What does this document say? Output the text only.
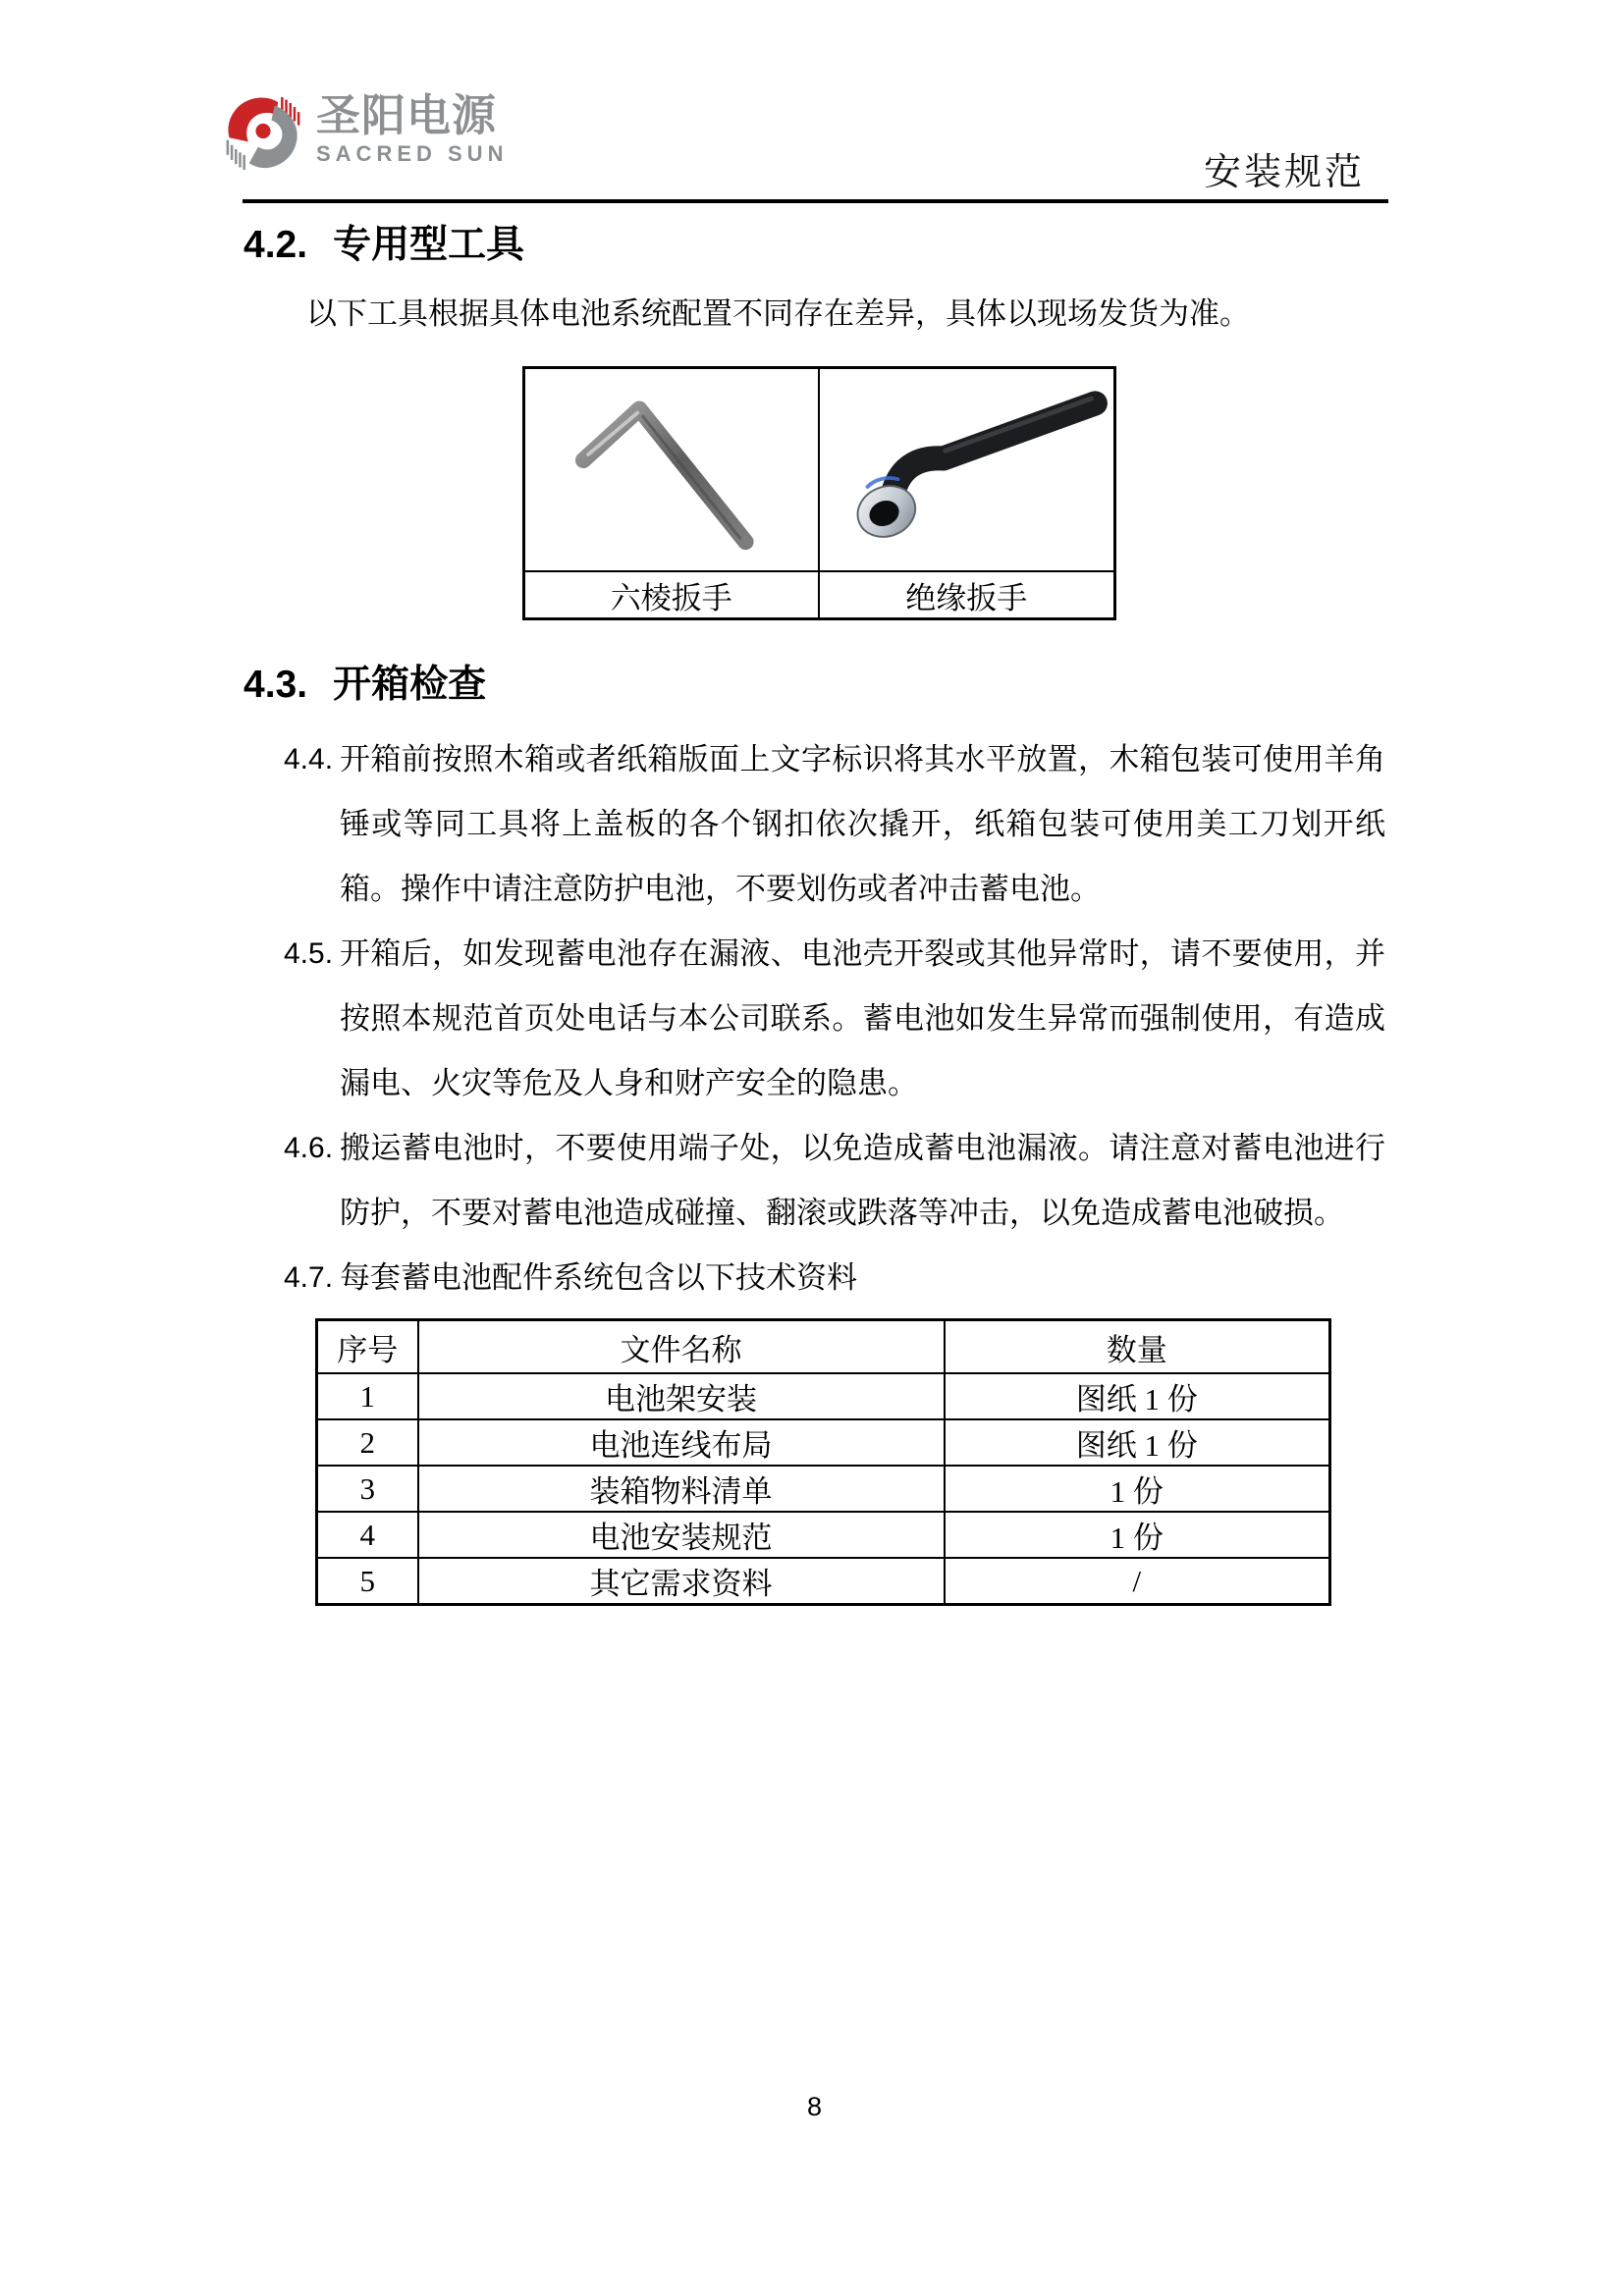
圣阳电源
SACRED SUN	安装规范
4.2. 专用型工具
以下工具根据具体电池系统配置不同存在差异，具体以现场发货为准。
六棱扳手	绝缘扳手
4.3. 开箱检查
4.4. 开箱前按照木箱或者纸箱版面上文字标识将其水平放置，木箱包装可使用羊角锤或等同工具将上盖板的各个钢扣依次撬开，纸箱包装可使用美工刀划开纸箱。操作中请注意防护电池，不要划伤或者冲击蓄电池。
4.5. 开箱后，如发现蓄电池存在漏液、电池壳开裂或其他异常时，请不要使用，并按照本规范首页处电话与本公司联系。蓄电池如发生异常而强制使用，有造成漏电、火灾等危及人身和财产安全的隐患。
4.6. 搬运蓄电池时，不要使用端子处，以免造成蓄电池漏液。请注意对蓄电池进行防护，不要对蓄电池造成碰撞、翻滚或跌落等冲击，以免造成蓄电池破损。
4.7. 每套蓄电池配件系统包含以下技术资料
序号	文件名称	数量
1	电池架安装	图纸 1 份
2	电池连线布局	图纸 1 份
3	装箱物料清单	1 份
4	电池安装规范	1 份
5	其它需求资料	/
8
